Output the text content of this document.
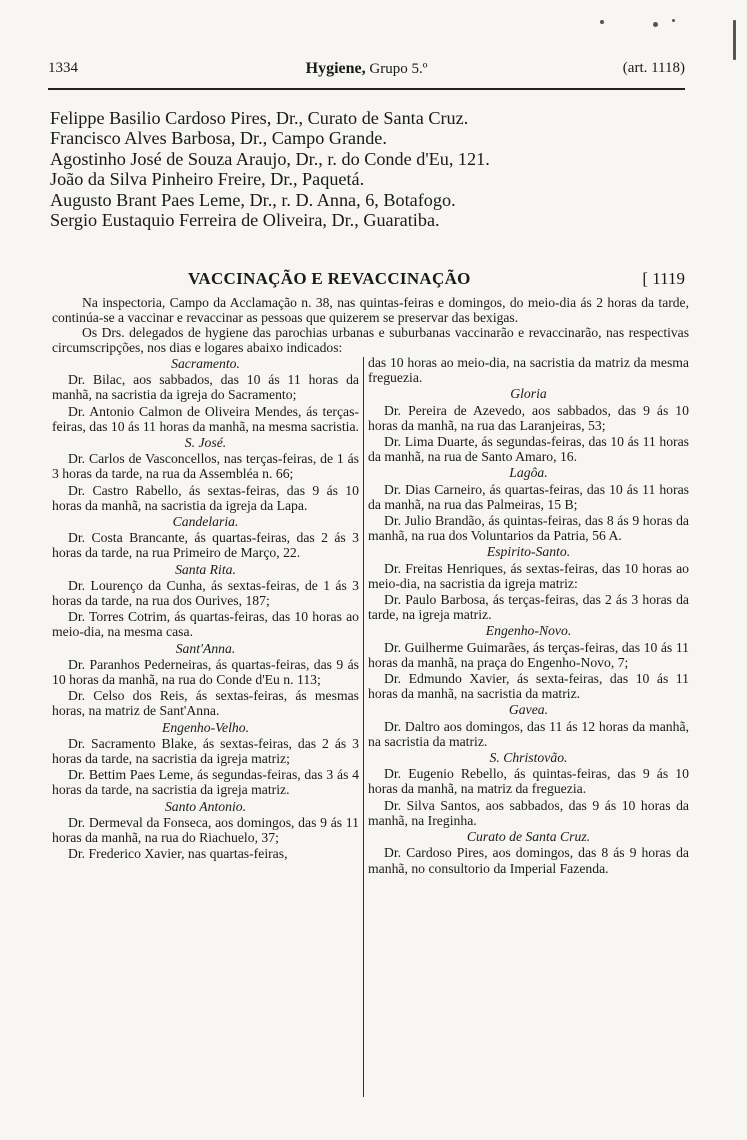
1334	Hygiene, Grupo 5.º	(art. 1118)
Felippe Basilio Cardoso Pires, Dr., Curato de Santa Cruz.
Francisco Alves Barbosa, Dr., Campo Grande.
Agostinho José de Souza Araujo, Dr., r. do Conde d'Eu, 121.
João da Silva Pinheiro Freire, Dr., Paquetá.
Augusto Brant Paes Leme, Dr., r. D. Anna, 6, Botafogo.
Sergio Eustaquio Ferreira de Oliveira, Dr., Guaratiba.
VACCINAÇÃO E REVACCINAÇÃO	[ 1119

Na inspectoria, Campo da Acclamação n. 38, nas quintas-feiras e domingos, do meio-dia ás 2 horas da tarde, continúa-se a vaccinar e revaccinar as pessoas que quizerem se preservar das bexigas.

Os Drs. delegados de hygiene das parochias urbanas e suburbanas vaccinarão e revaccinarão, nas respectivas circumscripções, nos dias e logares abaixo indicados:

Sacramento.

Dr. Bilac, aos sabbados, das 10 ás 11 horas da manhã, na sacristia da igreja do Sacramento;

Dr. Antonio Calmon de Oliveira Mendes, ás terças-feiras, das 10 ás 11 horas da manhã, na mesma sacristia.

S. José.

Dr. Carlos de Vasconcellos, nas terças-feiras, de 1 ás 3 horas da tarde, na rua da Assembléa n. 66;

Dr. Castro Rabello, ás sextas-feiras, das 9 ás 10 horas da manhã, na sacristia da igreja da Lapa.

Candelaria.

Dr. Costa Brancante, ás quartas-feiras, das 2 ás 3 horas da tarde, na rua Primeiro de Março, 22.

Santa Rita.

Dr. Lourenço da Cunha, ás sextas-feiras, de 1 ás 3 horas da tarde, na rua dos Ourives, 187;

Dr. Torres Cotrim, ás quartas-feiras, das 10 horas ao meio-dia, na mesma casa.

Sant'Anna.

Dr. Paranhos Pederneiras, ás quartas-feiras, das 9 ás 10 horas da manhã, na rua do Conde d'Eu n. 113;

Dr. Celso dos Reis, ás sextas-feiras, ás mesmas horas, na matriz de Sant'Anna.

Engenho-Velho.

Dr. Sacramento Blake, ás sextas-feiras, das 2 ás 3 horas da tarde, na sacristia da igreja matriz;

Dr. Bettim Paes Leme, ás segundas-feiras, das 3 ás 4 horas da tarde, na sacristia da igreja matriz.

Santo Antonio.

Dr. Dermeval da Fonseca, aos domingos, das 9 ás 11 horas da manhã, na rua do Riachuelo, 37;

Dr. Frederico Xavier, nas quartas-feiras,

das 10 horas ao meio-dia, na sacristia da matriz da mesma freguezia.

Gloria

Dr. Pereira de Azevedo, aos sabbados, das 9 ás 10 horas da manhã, na rua das Laranjeiras, 53;

Dr. Lima Duarte, ás segundas-feiras, das 10 ás 11 horas da manhã, na rua de Santo Amaro, 16.

Lagôa.

Dr. Dias Carneiro, ás quartas-feiras, das 10 ás 11 horas da manhã, na rua das Palmeiras, 15 B;

Dr. Julio Brandão, ás quintas-feiras, das 8 ás 9 horas da manhã, na rua dos Voluntarios da Patria, 56 A.

Espirito-Santo.

Dr. Freitas Henriques, ás sextas-feiras, das 10 horas ao meio-dia, na sacristia da igreja matriz:

Dr. Paulo Barbosa, ás terças-feiras, das 2 ás 3 horas da tarde, na igreja matriz.

Engenho-Novo.

Dr. Guilherme Guimarães, ás terças-feiras, das 10 ás 11 horas da manhã, na praça do Engenho-Novo, 7;

Dr. Edmundo Xavier, ás sexta-feiras, das 10 ás 11 horas da manhã, na sacristia da matriz.

Gavea.

Dr. Daltro aos domingos, das 11 ás 12 horas da manhã, na sacristia da matriz.

S. Christovão.

Dr. Eugenio Rebello, ás quintas-feiras, das 9 ás 10 horas da manhã, na matriz da freguezia.

Dr. Silva Santos, aos sabbados, das 9 ás 10 horas da manhã, na Ireginha.

Curato de Santa Cruz.

Dr. Cardoso Pires, aos domingos, das 8 ás 9 horas da manhã, no consultorio da Imperial Fazenda.
